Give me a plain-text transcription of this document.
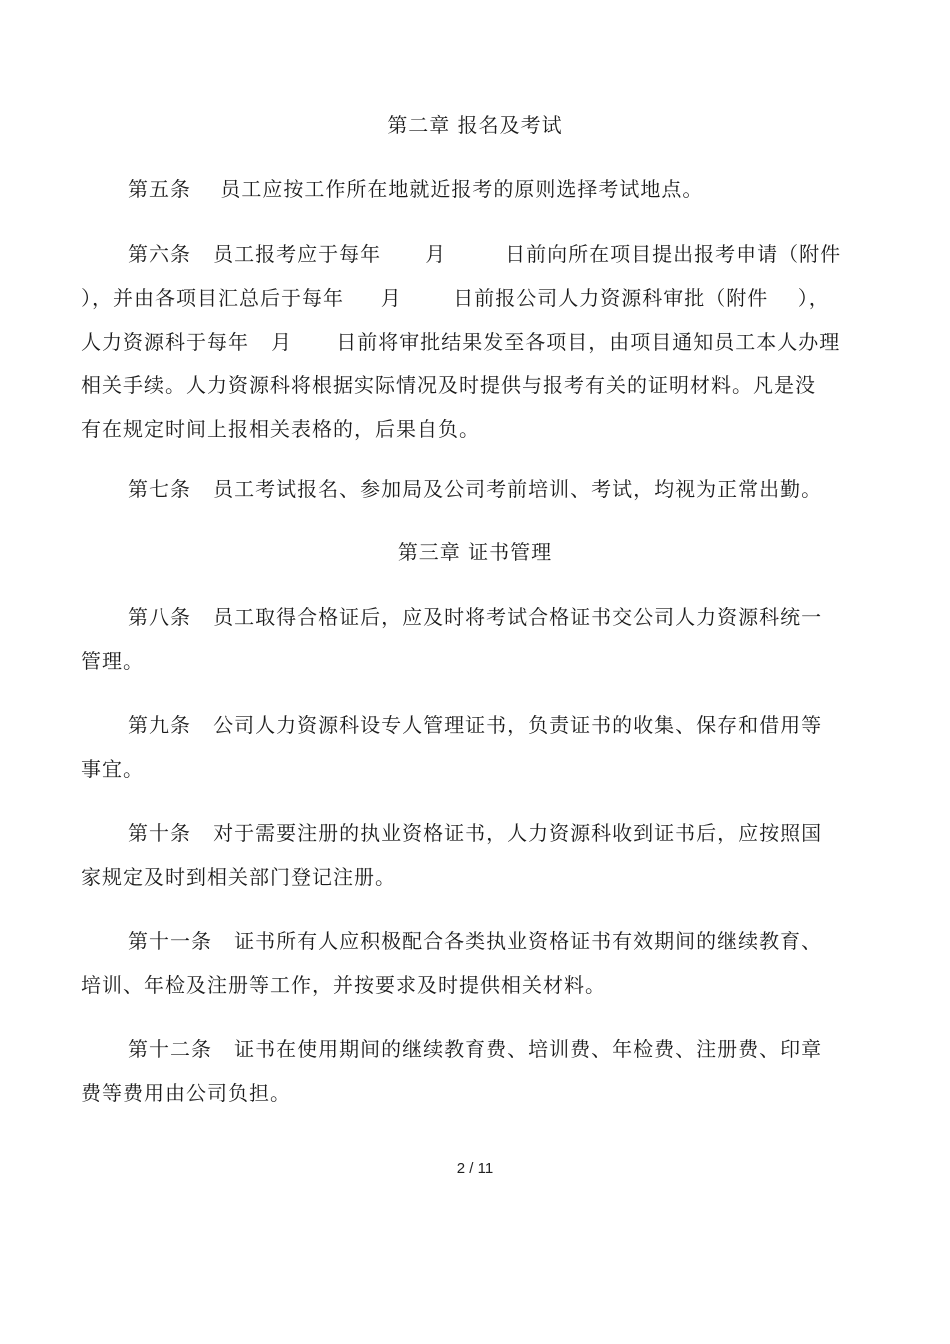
第二章 报名及考试
第五条    员工应按工作所在地就近报考的原则选择考试地点。
第六条   员工报考应于每年      月        日前向所在项目提出报考申请（附件
），并由各项目汇总后于每年     月       日前报公司人力资源科审批（附件    ），
人力资源科于每年   月      日前将审批结果发至各项目，由项目通知员工本人办理
相关手续。人力资源科将根据实际情况及时提供与报考有关的证明材料。凡是没
有在规定时间上报相关表格的，后果自负。
第七条   员工考试报名、参加局及公司考前培训、考试，均视为正常出勤。
第三章 证书管理
第八条   员工取得合格证后，应及时将考试合格证书交公司人力资源科统一
管理。
第九条   公司人力资源科设专人管理证书，负责证书的收集、保存和借用等
事宜。
第十条   对于需要注册的执业资格证书，人力资源科收到证书后，应按照国
家规定及时到相关部门登记注册。
第十一条   证书所有人应积极配合各类执业资格证书有效期间的继续教育、
培训、年检及注册等工作，并按要求及时提供相关材料。
第十二条   证书在使用期间的继续教育费、培训费、年检费、注册费、印章
费等费用由公司负担。
2 / 11
